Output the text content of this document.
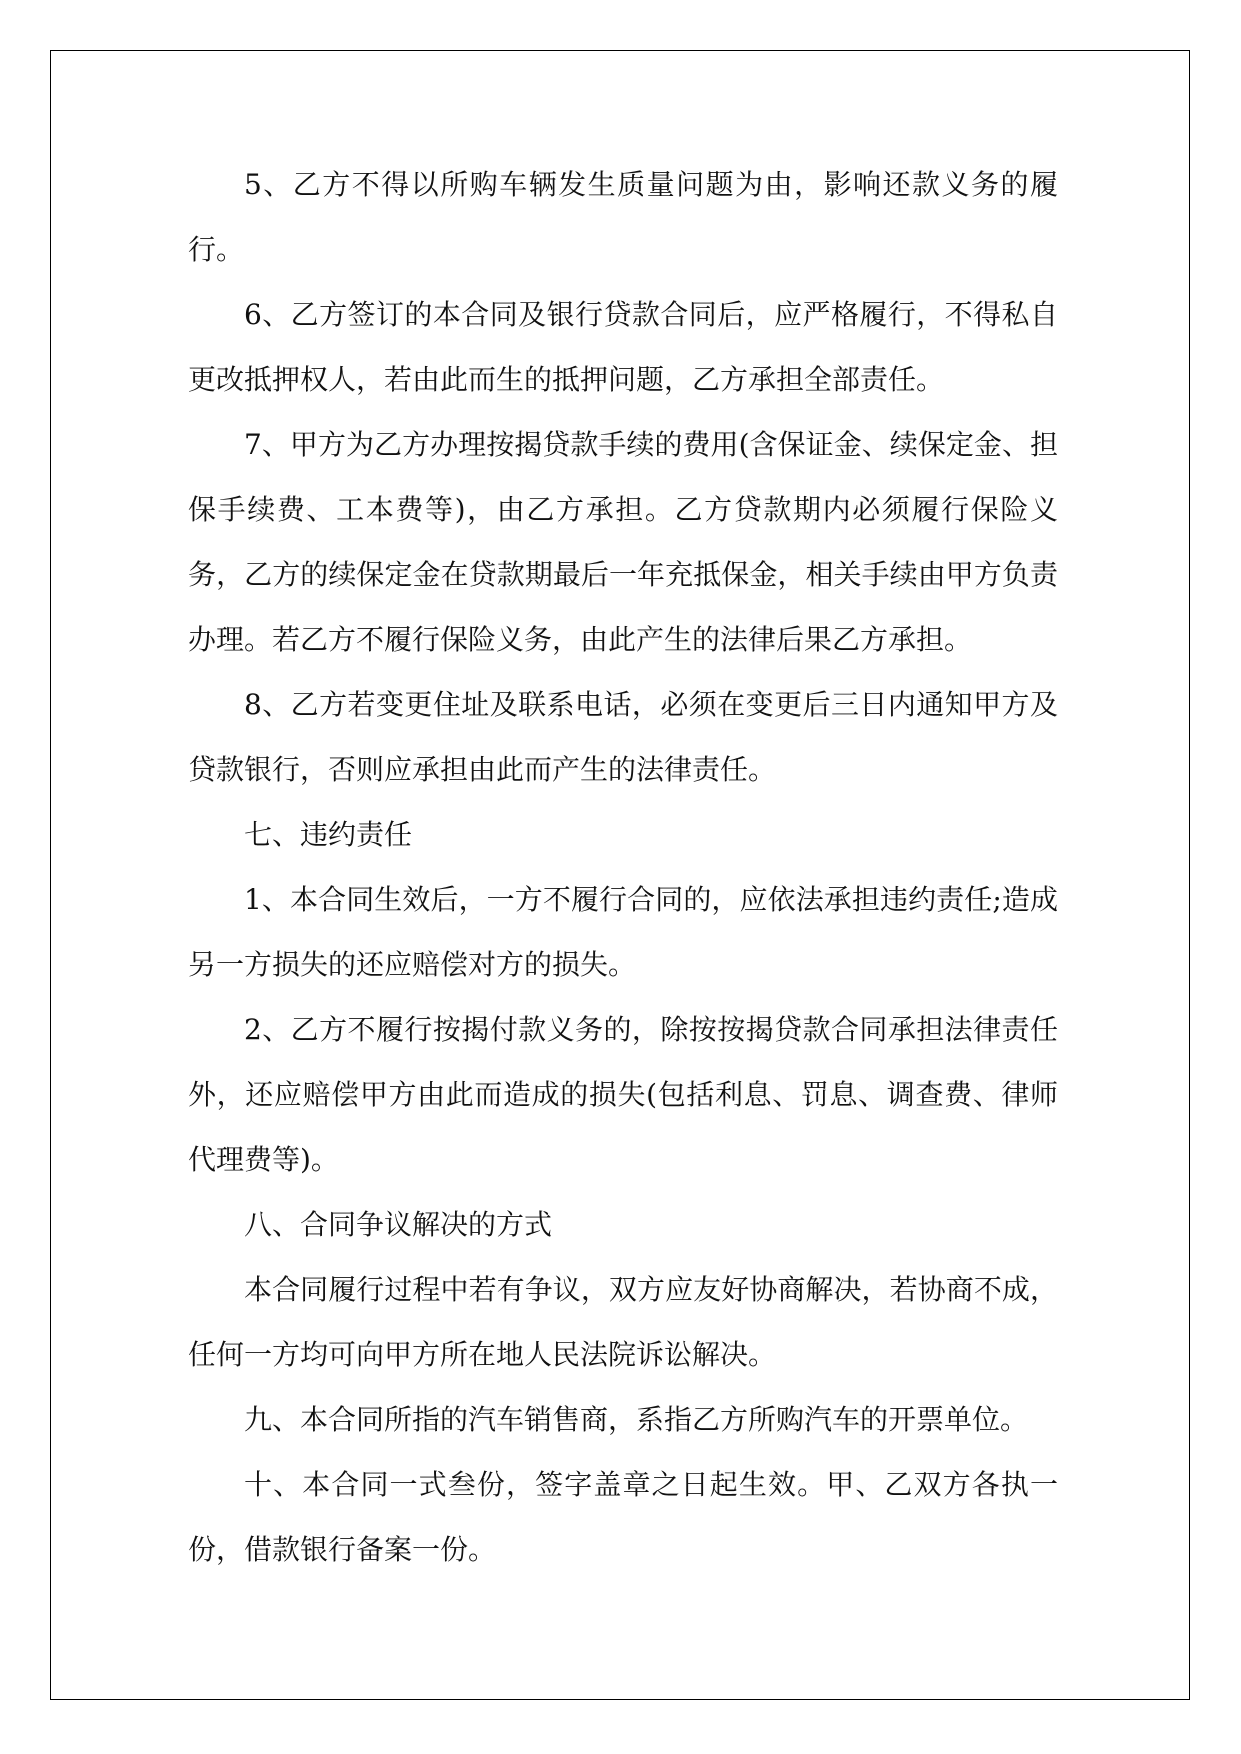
5、乙方不得以所购车辆发生质量问题为由，影响还款义务的履行。

6、乙方签订的本合同及银行贷款合同后，应严格履行，不得私自更改抵押权人，若由此而生的抵押问题，乙方承担全部责任。

7、甲方为乙方办理按揭贷款手续的费用(含保证金、续保定金、担保手续费、工本费等)，由乙方承担。乙方贷款期内必须履行保险义务，乙方的续保定金在贷款期最后一年充抵保金，相关手续由甲方负责办理。若乙方不履行保险义务，由此产生的法律后果乙方承担。

8、乙方若变更住址及联系电话，必须在变更后三日内通知甲方及贷款银行，否则应承担由此而产生的法律责任。

七、违约责任

1、本合同生效后，一方不履行合同的，应依法承担违约责任;造成另一方损失的还应赔偿对方的损失。

2、乙方不履行按揭付款义务的，除按按揭贷款合同承担法律责任外，还应赔偿甲方由此而造成的损失(包括利息、罚息、调查费、律师代理费等)。

八、合同争议解决的方式

本合同履行过程中若有争议，双方应友好协商解决，若协商不成，任何一方均可向甲方所在地人民法院诉讼解决。

九、本合同所指的汽车销售商，系指乙方所购汽车的开票单位。

十、本合同一式叁份，签字盖章之日起生效。甲、乙双方各执一份，借款银行备案一份。
